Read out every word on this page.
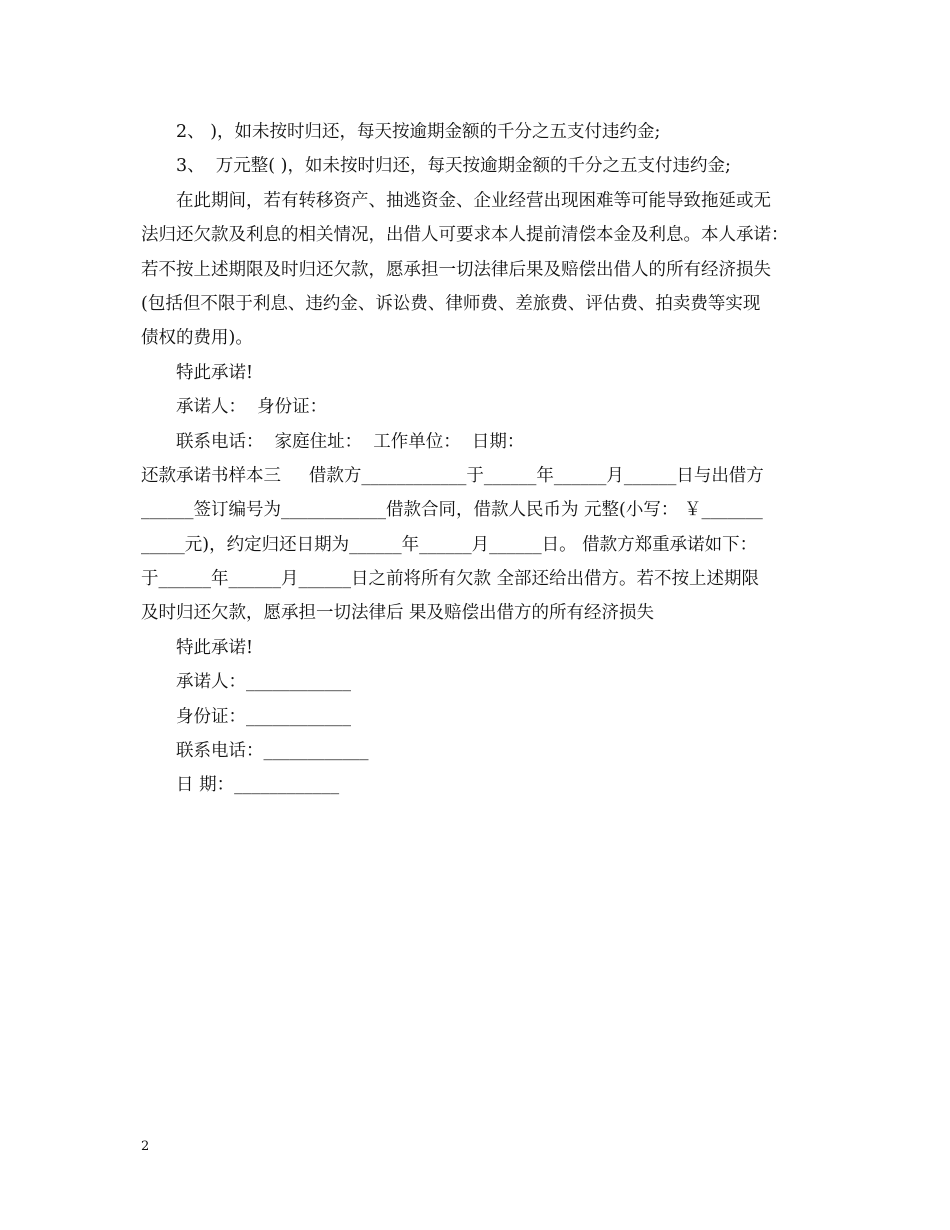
2、 )，如未按时归还，每天按逾期金额的千分之五支付违约金;
3、  万元整( )，如未按时归还，每天按逾期金额的千分之五支付违约金;
在此期间，若有转移资产、抽逃资金、企业经营出现困难等可能导致拖延或无
法归还欠款及利息的相关情况，出借人可要求本人提前清偿本金及利息。本人承诺：
若不按上述期限及时归还欠款，愿承担一切法律后果及赔偿出借人的所有经济损失
(包括但不限于利息、违约金、诉讼费、律师费、差旅费、评估费、拍卖费等实现
债权的费用)。
特此承诺!
承诺人：  身份证：
联系电话：  家庭住址：  工作单位：  日期：
还款承诺书样本三     借款方____________于______年______月______日与出借方
______签订编号为____________借款合同，借款人民币为 元整(小写： ￥_______
_____元)，约定归还日期为______年______月______日。 借款方郑重承诺如下：
于______年______月______日之前将所有欠款 全部还给出借方。若不按上述期限
及时归还欠款，愿承担一切法律后 果及赔偿出借方的所有经济损失
特此承诺!
承诺人：____________
身份证：____________
联系电话：____________
日 期：____________
2
